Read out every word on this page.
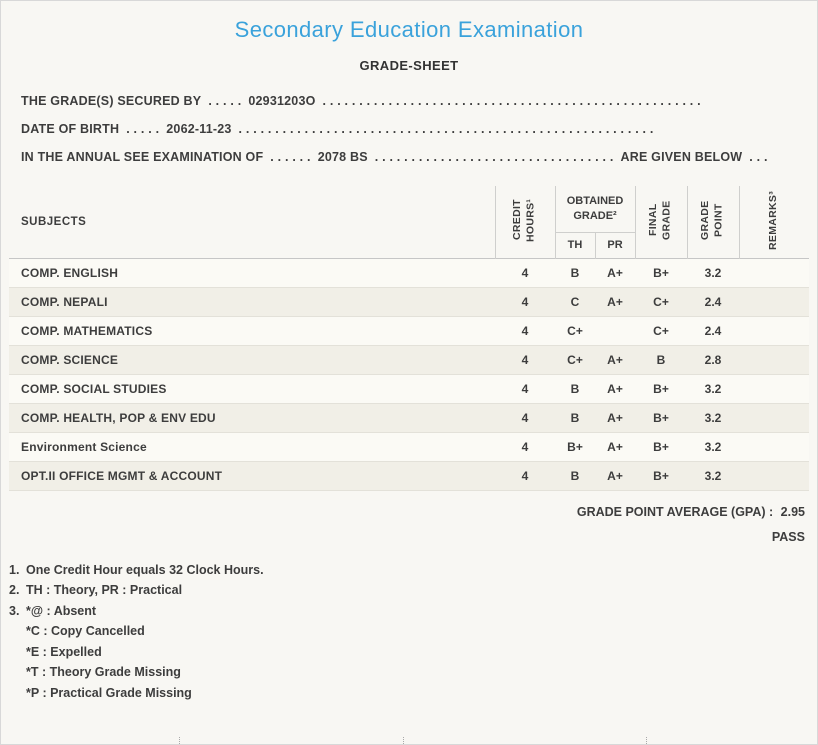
Secondary Education Examination
GRADE-SHEET
THE GRADE(S) SECURED BY . . . . . 02931203O . . . . . . . . . . . . . . . . . . . . . . . . . . . . . . . . . . . . . . . . . . . . . . . . . . . .
DATE OF BIRTH . . . . . 2062-11-23 . . . . . . . . . . . . . . . . . . . . . . . . . . . . . . . . . . . . . . . . . . . . . . . . . . . . . . . . .
IN THE ANNUAL SEE EXAMINATION OF . . . . . . 2078 BS . . . . . . . . . . . . . . . . . . . . . . . . . . . . . . . . . ARE GIVEN BELOW . . .
SUBJECTS	CREDIT HOURS¹	OBTAINED GRADE²		FINAL GRADE	GRADE POINT	REMARKS³
		TH	PR			
COMP. ENGLISH	4	B	A+	B+	3.2	
COMP. NEPALI	4	C	A+	C+	2.4	
COMP. MATHEMATICS	4	C+		C+	2.4	
COMP. SCIENCE	4	C+	A+	B	2.8	
COMP. SOCIAL STUDIES	4	B	A+	B+	3.2	
COMP. HEALTH, POP & ENV EDU	4	B	A+	B+	3.2	
Environment Science	4	B+	A+	B+	3.2	
OPT.II OFFICE MGMT & ACCOUNT	4	B	A+	B+	3.2	
GRADE POINT AVERAGE (GPA) : 2.95
PASS
1. One Credit Hour equals 32 Clock Hours.
2. TH : Theory, PR : Practical
3. *@ : Absent
*C : Copy Cancelled
*E : Expelled
*T : Theory Grade Missing
*P : Practical Grade Missing
